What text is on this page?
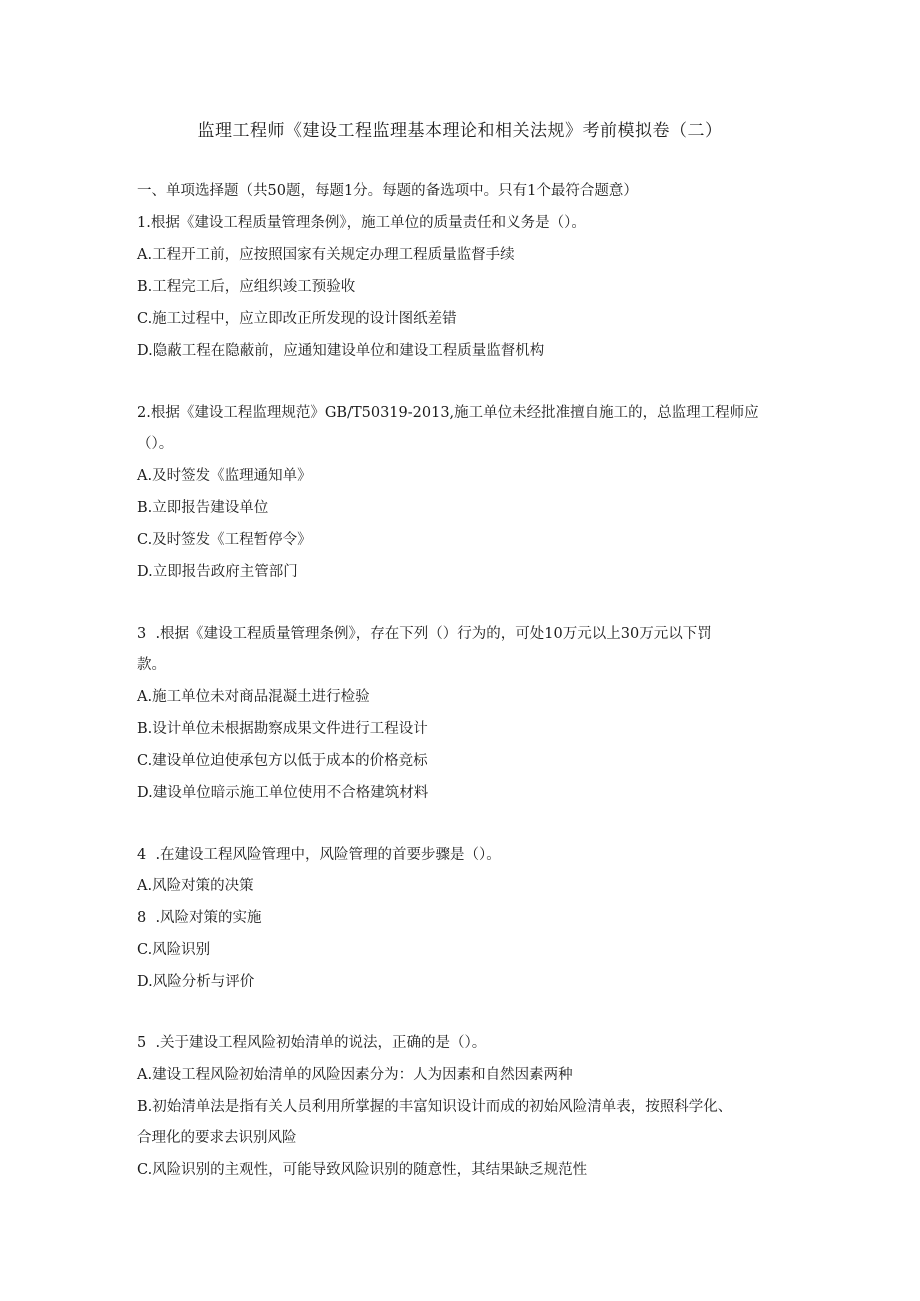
监理工程师《建设工程监理基本理论和相关法规》考前模拟卷（二）
一、单项选择题（共50题，每题1分。每题的备选项中。只有1个最符合题意）
1.根据《建设工程质量管理条例》，施工单位的质量责任和义务是（）。
A.工程开工前，应按照国家有关规定办理工程质量监督手续
B.工程完工后，应组织竣工预验收
C.施工过程中，应立即改正所发现的设计图纸差错
D.隐蔽工程在隐蔽前，应通知建设单位和建设工程质量监督机构
2.根据《建设工程监理规范》GB/T50319-2013,施工单位未经批准擅自施工的，总监理工程师应
（）。
A.及时签发《监理通知单》
B.立即报告建设单位
C.及时签发《工程暂停令》
D.立即报告政府主管部门
3  .根据《建设工程质量管理条例》，存在下列（）行为的，可处10万元以上30万元以下罚
款。
A.施工单位未对商品混凝土进行检验
B.设计单位未根据勘察成果文件进行工程设计
C.建设单位迫使承包方以低于成本的价格竞标
D.建设单位暗示施工单位使用不合格建筑材料
4  .在建设工程风险管理中，风险管理的首要步骤是（）。
A.风险对策的决策
8  .风险对策的实施
C.风险识别
D.风险分析与评价
5  .关于建设工程风险初始清单的说法，正确的是（）。
A.建设工程风险初始清单的风险因素分为：人为因素和自然因素两种
B.初始清单法是指有关人员利用所掌握的丰富知识设计而成的初始风险清单表，按照科学化、
合理化的要求去识别风险
C.风险识别的主观性，可能导致风险识别的随意性，其结果缺乏规范性
